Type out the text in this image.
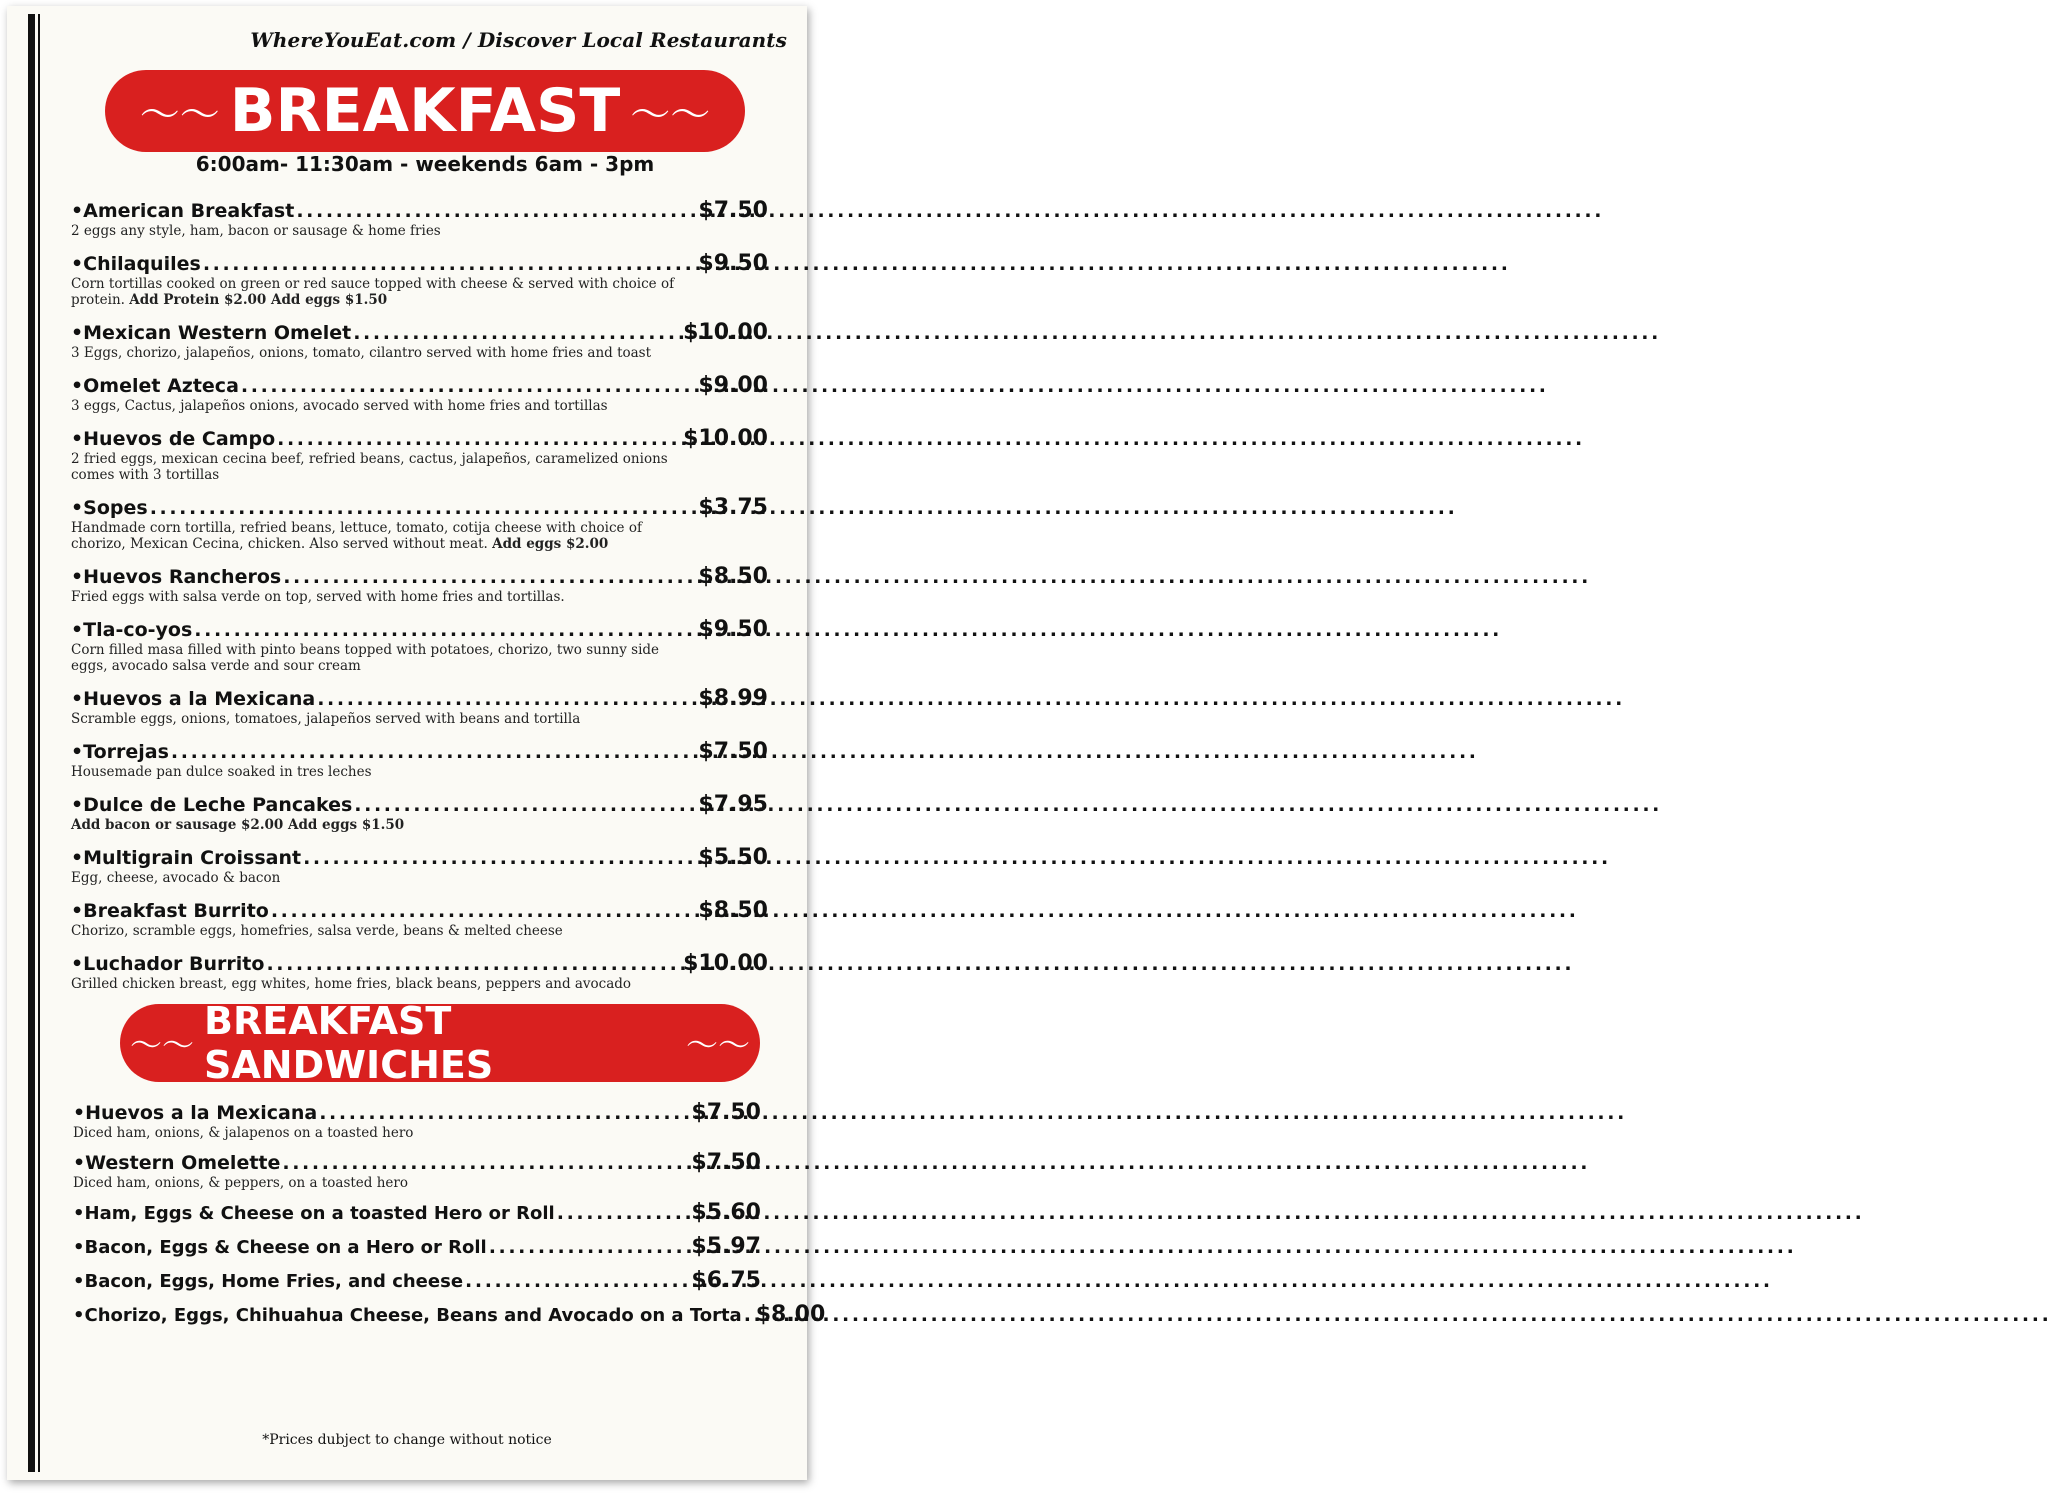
WhereYouEat.com / Discover Local Restaurants
〜〜 BREAKFAST 〜〜
6:00am- 11:30am - weekends 6am - 3pm
•American Breakfast . . .	$7.50
2 eggs any style, ham, bacon or sausage & home fries
•Chilaquiles . . .	$9.50
Corn tortillas cooked on green or red sauce topped with cheese & served with choice of protein. Add Protein $2.00 Add eggs $1.50
•Mexican Western Omelet . . .	$10.00
3 Eggs, chorizo, jalapeños, onions, tomato, cilantro served with home fries and toast
•Omelet Azteca . . .	$9.00
3 eggs, Cactus, jalapeños onions, avocado served with home fries and tortillas
•Huevos de Campo . . .	$10.00
2 fried eggs, mexican cecina beef, refried beans, cactus, jalapeños, caramelized onions comes with 3 tortillas
•Sopes . . .	$3.75
Handmade corn tortilla, refried beans, lettuce, tomato, cotija cheese with choice of chorizo, Mexican Cecina, chicken. Also served without meat. Add eggs $2.00
•Huevos Rancheros . . .	$8.50
Fried eggs with salsa verde on top, served with home fries and tortillas.
•Tla-co-yos . . .	$9.50
Corn filled masa filled with pinto beans topped with potatoes, chorizo, two sunny side eggs, avocado salsa verde and sour cream
•Huevos a la Mexicana . . .	$8.99
Scramble eggs, onions, tomatoes, jalapeños served with beans and tortilla
•Torrejas . . .	$7.50
Housemade pan dulce soaked in tres leches
•Dulce de Leche Pancakes . . .	$7.95
Add bacon or sausage $2.00 Add eggs $1.50
•Multigrain Croissant . . .	$5.50
Egg, cheese, avocado & bacon
•Breakfast Burrito . . .	$8.50
Chorizo, scramble eggs, homefries, salsa verde, beans & melted cheese
•Luchador Burrito . . .	$10.00
Grilled chicken breast, egg whites, home fries, black beans, peppers and avocado
〜〜
BREAKFAST SANDWICHES	〜〜
•Huevos a la Mexicana . . .	$7.50
Diced ham, onions, & jalapenos on a toasted hero
•Western Omelette . . .	$7.50
Diced ham, onions, & peppers, on a toasted hero
•Ham, Eggs & Cheese on a toasted Hero or Roll . . .	$5.60
•Bacon, Eggs & Cheese on a Hero or Roll . . .	$5.97
•Bacon, Eggs, Home Fries, and cheese . . .	$6.75
•Chorizo, Eggs, Chihuahua Cheese, Beans and Avocado on a Torta . . . $8.00
*Prices dubject to change without notice
